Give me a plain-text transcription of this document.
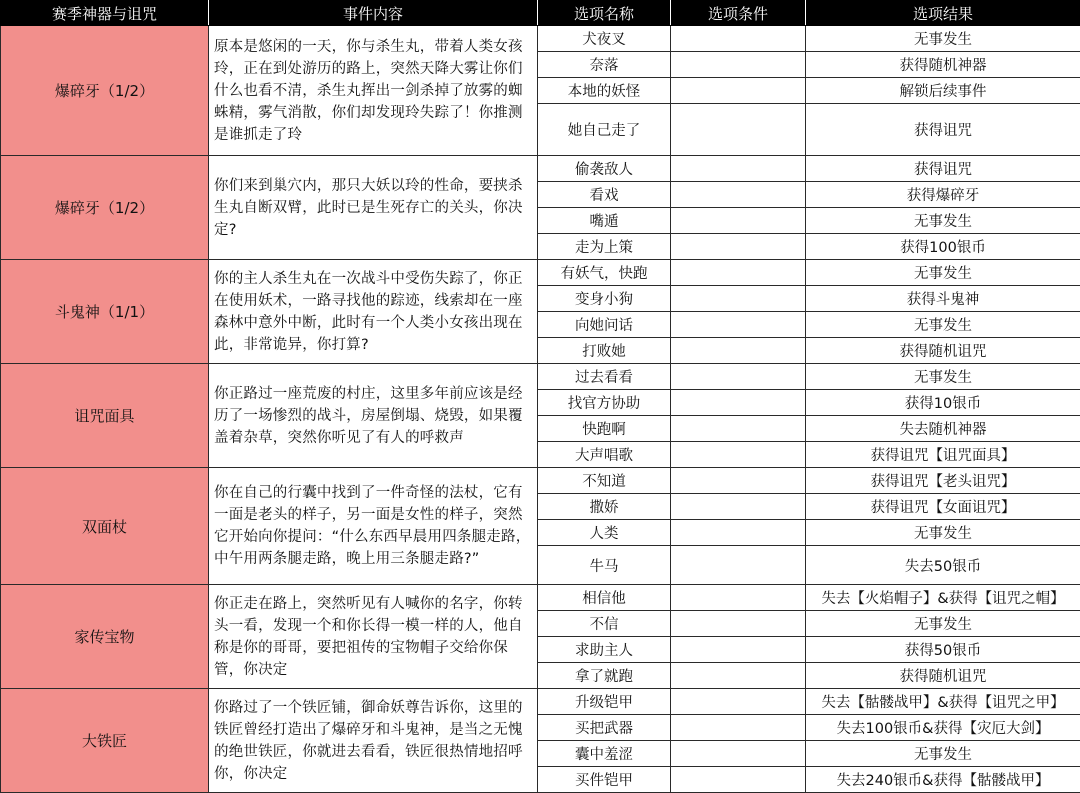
赛季神器与诅咒	事件内容	选项名称	选项条件	选项结果
爆碎牙（1/2）	原本是悠闲的一天，你与杀生丸，带着人类女孩玲，正在到处游历的路上，突然天降大雾让你们什么也看不清，杀生丸挥出一剑杀掉了放雾的蜘蛛精，雾气消散，你们却发现玲失踪了！你推测是谁抓走了玲	犬夜叉		无事发生
		奈落		获得随机神器
		本地的妖怪		解锁后续事件
		她自己走了		获得诅咒
爆碎牙（1/2）	你们来到巢穴内，那只大妖以玲的性命，要挟杀生丸自断双臂，此时已是生死存亡的关头，你决定?	偷袭敌人		获得诅咒
		看戏		获得爆碎牙
		嘴遁		无事发生
		走为上策		获得100银币
斗鬼神（1/1）	你的主人杀生丸在一次战斗中受伤失踪了，你正在使用妖术，一路寻找他的踪迹，线索却在一座森林中意外中断，此时有一个人类小女孩出现在此，非常诡异，你打算?	有妖气，快跑		无事发生
		变身小狗		获得斗鬼神
		向她问话		无事发生
		打败她		获得随机诅咒
诅咒面具	你正路过一座荒废的村庄，这里多年前应该是经历了一场惨烈的战斗，房屋倒塌、烧毁，如果覆盖着杂草，突然你听见了有人的呼救声	过去看看		无事发生
		找官方协助		获得10银币
		快跑啊		失去随机神器
		大声唱歌		获得诅咒【诅咒面具】
双面杖	你在自己的行囊中找到了一件奇怪的法杖，它有一面是老头的样子，另一面是女性的样子，突然它开始向你提问：“什么东西早晨用四条腿走路，中午用两条腿走路，晚上用三条腿走路?”	不知道		获得诅咒【老头诅咒】
		撒娇		获得诅咒【女面诅咒】
		人类		无事发生
		牛马		失去50银币
家传宝物	你正走在路上，突然听见有人喊你的名字，你转头一看，发现一个和你长得一模一样的人，他自称是你的哥哥，要把祖传的宝物帽子交给你保管，你决定	相信他		失去【火焰帽子】&获得【诅咒之帽】
		不信		无事发生
		求助主人		获得50银币
		拿了就跑		获得随机诅咒
大铁匠	你路过了一个铁匠铺，御命妖尊告诉你，这里的铁匠曾经打造出了爆碎牙和斗鬼神，是当之无愧的绝世铁匠，你就进去看看，铁匠很热情地招呼你，你决定	升级铠甲		失去【骷髅战甲】&获得【诅咒之甲】
		买把武器		失去100银币&获得【灾厄大剑】
		囊中羞涩		无事发生
		买件铠甲		失去240银币&获得【骷髅战甲】
